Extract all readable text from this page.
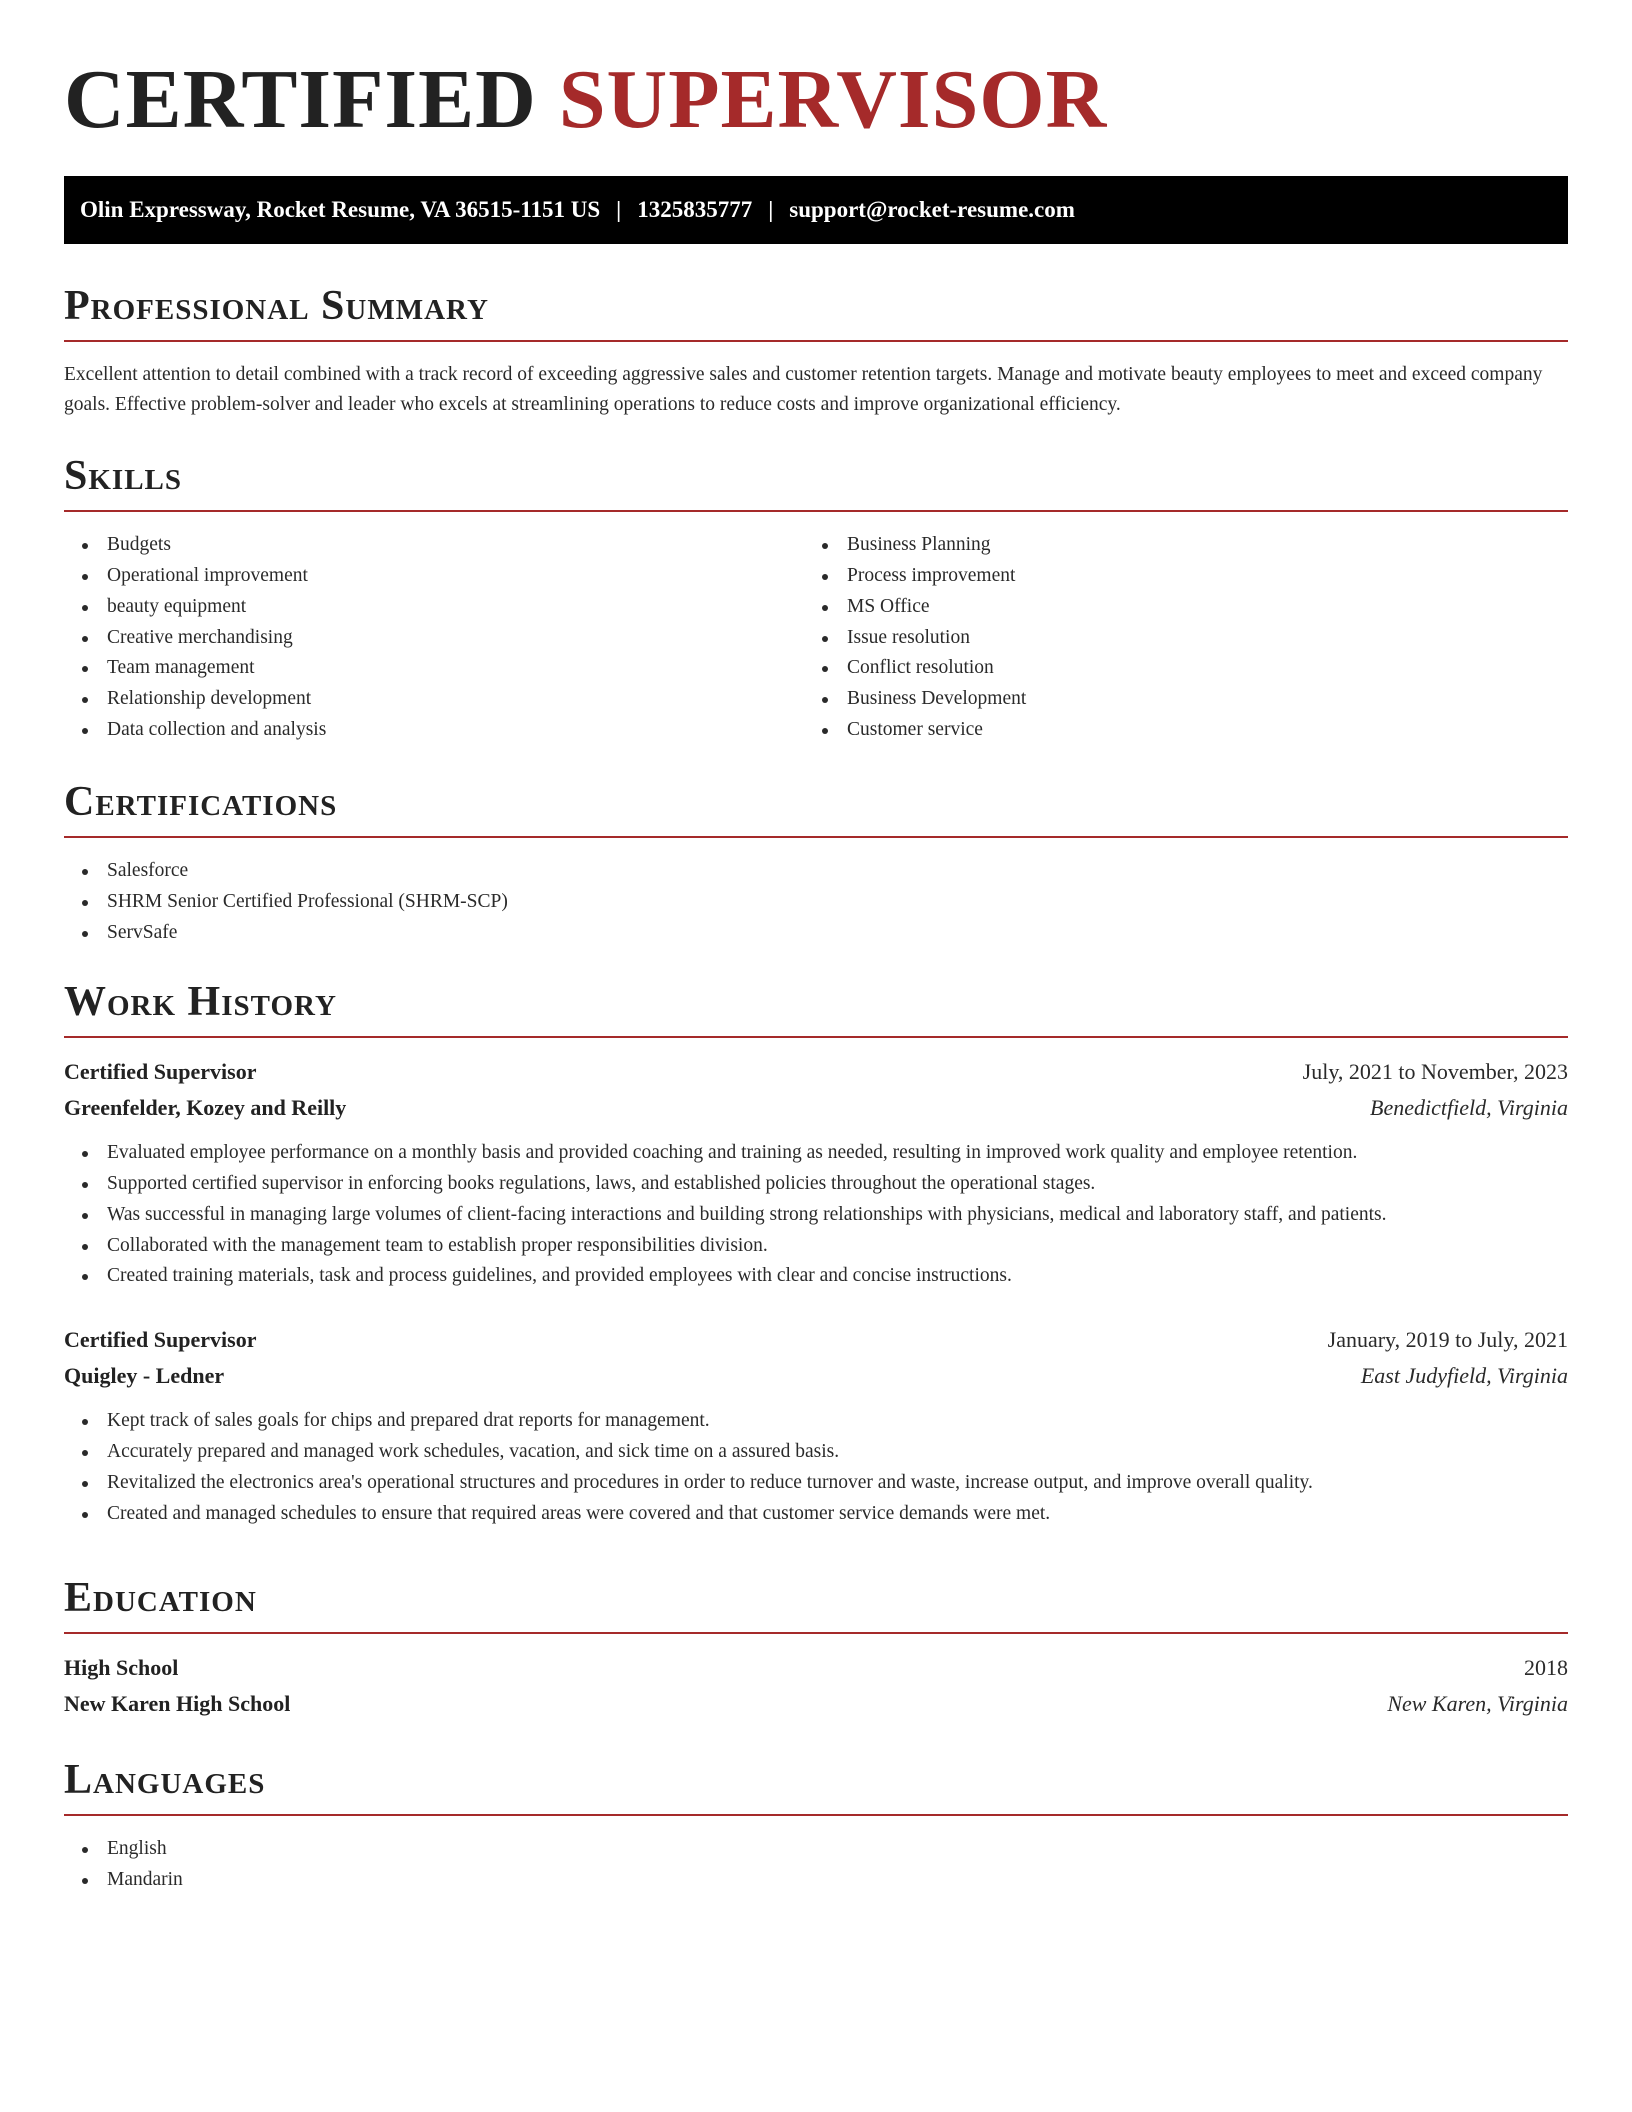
CERTIFIED SUPERVISOR
Olin Expressway, Rocket Resume, VA 36515-1151 US | 1325835777 | support@rocket-resume.com
Professional Summary

Excellent attention to detail combined with a track record of exceeding aggressive sales and customer retention targets. Manage and motivate beauty employees to meet and exceed company goals. Effective problem-solver and leader who excels at streamlining operations to reduce costs and improve organizational efficiency.

Skills
Budgets
Operational improvement
beauty equipment
Creative merchandising
Team management
Relationship development
Data collection and analysis
Business Planning
Process improvement
MS Office
Issue resolution
Conflict resolution
Business Development
Customer service
Certifications
Salesforce
SHRM Senior Certified Professional (SHRM-SCP)
ServSafe
Work History
Certified Supervisor	July, 2021 to November, 2023
Greenfelder, Kozey and Reilly	Benedictfield, Virginia
Evaluated employee performance on a monthly basis and provided coaching and training as needed, resulting in improved work quality and employee retention.
Supported certified supervisor in enforcing books regulations, laws, and established policies throughout the operational stages.
Was successful in managing large volumes of client-facing interactions and building strong relationships with physicians, medical and laboratory staff, and patients.
Collaborated with the management team to establish proper responsibilities division.
Created training materials, task and process guidelines, and provided employees with clear and concise instructions.
Certified Supervisor	January, 2019 to July, 2021
Quigley - Ledner	East Judyfield, Virginia
Kept track of sales goals for chips and prepared drat reports for management.
Accurately prepared and managed work schedules, vacation, and sick time on a assured basis.
Revitalized the electronics area's operational structures and procedures in order to reduce turnover and waste, increase output, and improve overall quality.
Created and managed schedules to ensure that required areas were covered and that customer service demands were met.
Education
High School	2018
New Karen High School	New Karen, Virginia
Languages
English
Mandarin
